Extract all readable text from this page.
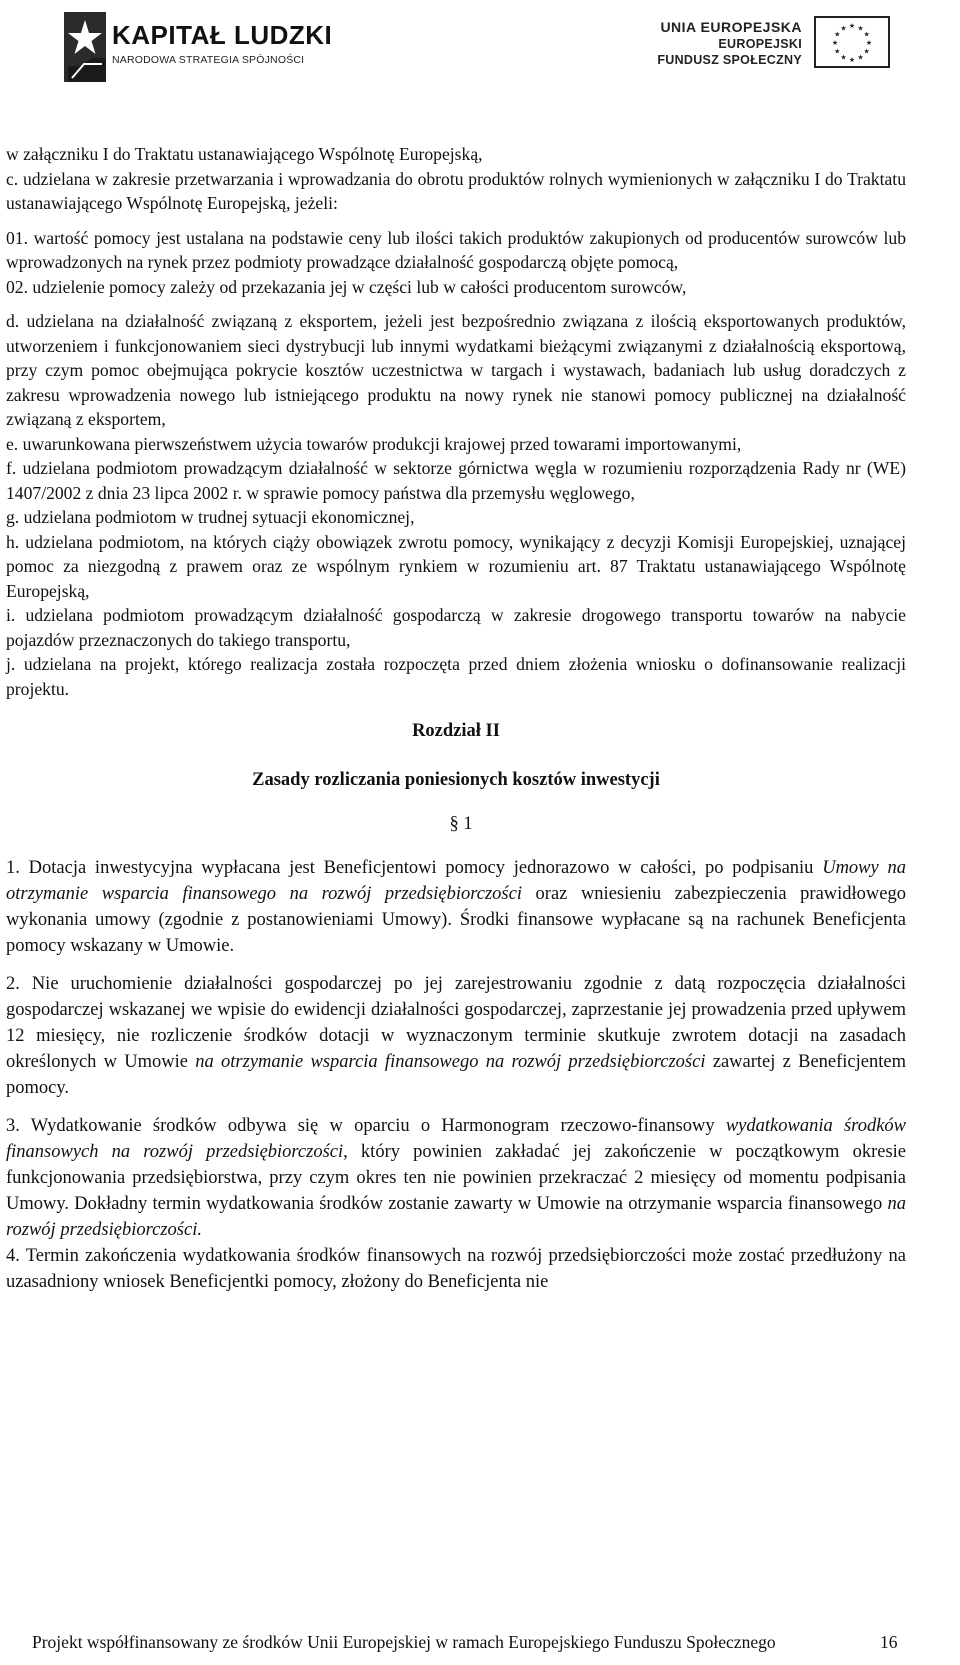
KAPITAŁ LUDZKI
NARODOWA STRATEGIA SPÓJNOŚCI
UNIA EUROPEJSKA
EUROPEJSKI
FUNDUSZ SPOŁECZNY
★ ★
★
★
★
★
★
★
★
★
★
★

w załączniku I do Traktatu ustanawiającego Wspólnotę Europejską,

c. udzielana w zakresie przetwarzania i wprowadzania do obrotu produktów rolnych wymienionych w załączniku I do Traktatu ustanawiającego Wspólnotę Europejską, jeżeli:

01. wartość pomocy jest ustalana na podstawie ceny lub ilości takich produktów zakupionych od producentów surowców lub wprowadzonych na rynek przez podmioty prowadzące działalność gospodarczą objęte pomocą,

02. udzielenie pomocy zależy od przekazania jej w części lub w całości producentom surowców,

d. udzielana na działalność związaną z eksportem, jeżeli jest bezpośrednio związana z ilością eksportowanych produktów, utworzeniem i funkcjonowaniem sieci dystrybucji lub innymi wydatkami bieżącymi związanymi z działalnością eksportową, przy czym pomoc obejmująca pokrycie kosztów uczestnictwa w targach i wystawach, badaniach lub usług doradczych z zakresu wprowadzenia nowego lub istniejącego produktu na nowy rynek nie stanowi pomocy publicznej na działalność związaną z eksportem,

e. uwarunkowana pierwszeństwem użycia towarów produkcji krajowej przed towarami importowanymi,

f. udzielana podmiotom prowadzącym działalność w sektorze górnictwa węgla w rozumieniu rozporządzenia Rady nr (WE) 1407/2002 z dnia 23 lipca 2002 r. w sprawie pomocy państwa dla przemysłu węglowego,

g. udzielana podmiotom w trudnej sytuacji ekonomicznej,

h. udzielana podmiotom, na których ciąży obowiązek zwrotu pomocy, wynikający z decyzji Komisji Europejskiej, uznającej pomoc za niezgodną z prawem oraz ze wspólnym rynkiem w rozumieniu art. 87 Traktatu ustanawiającego Wspólnotę Europejską,

i. udzielana podmiotom prowadzącym działalność gospodarczą w zakresie drogowego transportu towarów na nabycie pojazdów przeznaczonych do takiego transportu,

j. udzielana na projekt, którego realizacja została rozpoczęta przed dniem złożenia wniosku o dofinansowanie realizacji projektu.

Rozdział II

Zasady rozliczania poniesionych kosztów inwestycji

§ 1

1. Dotacja inwestycyjna wypłacana jest Beneficjentowi pomocy jednorazowo w całości, po podpisaniu Umowy na otrzymanie wsparcia finansowego na rozwój przedsiębiorczości oraz wniesieniu zabezpieczenia prawidłowego wykonania umowy (zgodnie z postanowieniami Umowy). Środki finansowe wypłacane są na rachunek Beneficjenta pomocy wskazany w Umowie.

2. Nie uruchomienie działalności gospodarczej po jej zarejestrowaniu zgodnie z datą rozpoczęcia działalności gospodarczej wskazanej we wpisie do ewidencji działalności gospodarczej, zaprzestanie jej prowadzenia przed upływem 12 miesięcy, nie rozliczenie środków dotacji w wyznaczonym terminie skutkuje zwrotem dotacji na zasadach określonych w Umowie na otrzymanie wsparcia finansowego na rozwój przedsiębiorczości zawartej z Beneficjentem pomocy.

3. Wydatkowanie środków odbywa się w oparciu o Harmonogram rzeczowo-finansowy wydatkowania środków finansowych na rozwój przedsiębiorczości, który powinien zakładać jej zakończenie w początkowym okresie funkcjonowania przedsiębiorstwa, przy czym okres ten nie powinien przekraczać 2 miesięcy od momentu podpisania Umowy. Dokładny termin wydatkowania środków zostanie zawarty w Umowie na otrzymanie wsparcia finansowego na rozwój przedsiębiorczości.

4. Termin zakończenia wydatkowania środków finansowych na rozwój przedsiębiorczości może zostać przedłużony na uzasadniony wniosek Beneficjentki pomocy, złożony do Beneficjenta nie

Projekt współfinansowany ze środków Unii Europejskiej w ramach Europejskiego Funduszu Społecznego	16
